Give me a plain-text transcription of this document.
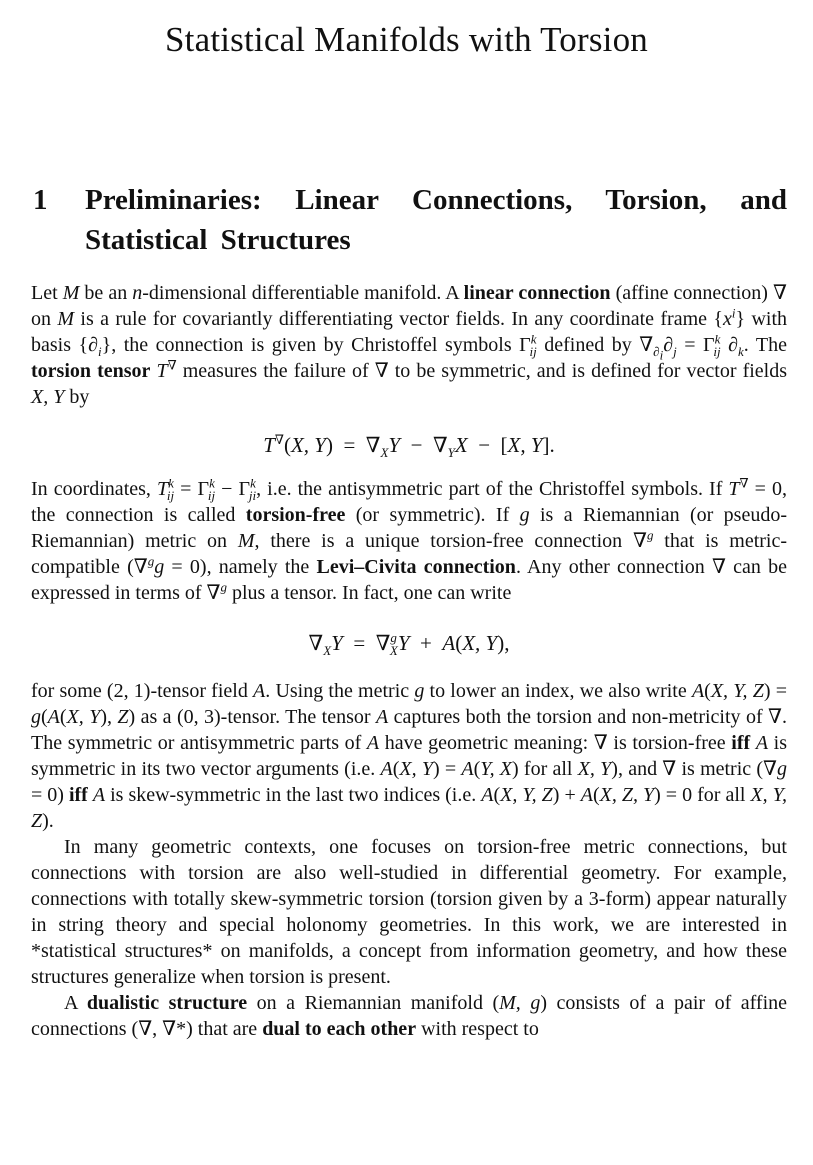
Statistical Manifolds with Torsion
1 Preliminaries: Linear Connections, Torsion, and Statistical Structures

Let M be an n-dimensional differentiable manifold. A linear connection (affine connection) ∇ on M is a rule for covariantly differentiating vector fields. In any coordinate frame $\{x^i\}$ with basis $\{\partial_i\}$, the connection is given by Christoffel symbols $\Gamma^k_{ij}$ defined by $\nabla_{\partial_i}\partial_j = \Gamma^k_{ij}$ $\partial_k$. The torsion tensor T∇ measures the failure of ∇ to be symmetric, and is defined for vector fields X, Y by

T∇(X, $Y) = \nabla_XY - \nabla_YX - [X$, Y].

In coordinates, $T^k_{ij} = \Gamma^k_{ij} - \Gamma^k_{ji}$, i.e. the antisymmetric part of the Christoffel symbols. If T∇ = 0, the connection is called torsion-free (or symmetric). If g is a Riemannian (or pseudo-Riemannian) metric on M, there is a unique torsion-free connection ∇$^g$ that is metric-compatible (∇$^g$g = 0), namely the Levi–Civita connection. Any other connection ∇ can be expressed in terms of ∇$^g$ plus a tensor. In fact, one can write

$\nabla_XY = \nabla^g_XY + A(X$, Y),

for some (2, 1)-tensor field A. Using the metric g to lower an index, we also write A(X, Y, Z) = g(A(X, Y), Z) as a (0, 3)-tensor. The tensor A captures both the torsion and non-metricity of ∇. The symmetric or antisymmetric parts of A have geometric meaning: ∇ is torsion-free iff A is symmetric in its two vector arguments (i.e. A(X, Y) = A(Y, X) for all X, Y), and ∇ is metric (∇g = 0) iff A is skew-symmetric in the last two indices (i.e. A(X, Y, Z) + A(X, Z, Y) = 0 for all X, Y, Z).

In many geometric contexts, one focuses on torsion-free metric connections, but connections with torsion are also well-studied in differential geometry. For example, connections with totally skew-symmetric torsion (torsion given by a 3-form) appear naturally in string theory and special holonomy geometries. In this work, we are interested in *statistical structures* on manifolds, a concept from information geometry, and how these structures generalize when torsion is present.

A dualistic structure on a Riemannian manifold (M, g) consists of a pair of affine connections (∇, ∇*) that are dual to each other with respect to
